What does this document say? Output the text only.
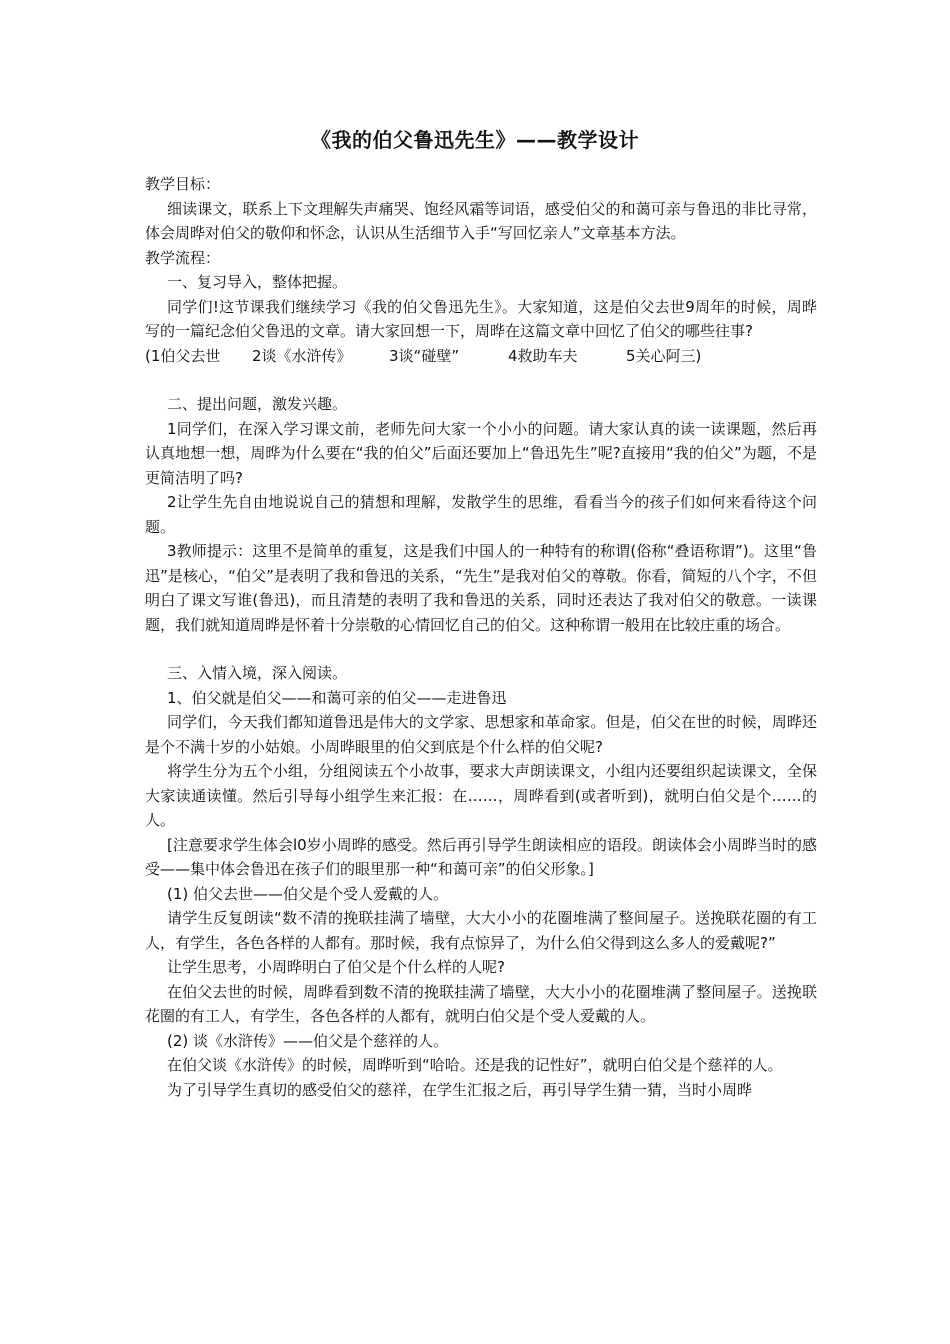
《我的伯父鲁迅先生》——教学设计

教学目标：

细读课文，联系上下文理解失声痛哭、饱经风霜等词语，感受伯父的和蔼可亲与鲁迅的非比寻常，体会周晔对伯父的敬仰和怀念，认识从生活细节入手“写回忆亲人”文章基本方法。

教学流程：

一、复习导入，整体把握。

同学们!这节课我们继续学习《我的伯父鲁迅先生》。大家知道，这是伯父去世9周年的时候，周晔写的一篇纪念伯父鲁迅的文章。请大家回想一下，周晔在这篇文章中回忆了伯父的哪些往事?

(1伯父去世	2谈《水浒传》	3谈“碰壁”	4救助车夫	5关心阿三)

二、提出问题，激发兴趣。

1同学们，在深入学习课文前，老师先问大家一个小小的问题。请大家认真的读一读课题，然后再认真地想一想，周晔为什么要在“我的伯父”后面还要加上“鲁迅先生”呢?直接用“我的伯父”为题，不是更简洁明了吗?

2让学生先自由地说说自己的猜想和理解，发散学生的思维，看看当今的孩子们如何来看待这个问题。

3教师提示：这里不是简单的重复，这是我们中国人的一种特有的称谓(俗称“叠语称谓”)。这里“鲁迅”是核心，“伯父”是表明了我和鲁迅的关系，“先生”是我对伯父的尊敬。你看，简短的八个字，不但明白了课文写谁(鲁迅)，而且清楚的表明了我和鲁迅的关系，同时还表达了我对伯父的敬意。一读课题，我们就知道周晔是怀着十分崇敬的心情回忆自己的伯父。这种称谓一般用在比较庄重的场合。

三、入情入境，深入阅读。

1、伯父就是伯父——和蔼可亲的伯父——走进鲁迅

同学们，今天我们都知道鲁迅是伟大的文学家、思想家和革命家。但是，伯父在世的时候，周晔还是个不满十岁的小姑娘。小周晔眼里的伯父到底是个什么样的伯父呢?

将学生分为五个小组，分组阅读五个小故事，要求大声朗读课文，小组内还要组织起读课文，全保大家读通读懂。然后引导每小组学生来汇报：在……，周晔看到(或者听到)，就明白伯父是个……的人。

[注意要求学生体会l0岁小周晔的感受。然后再引导学生朗读相应的语段。朗读体会小周晔当时的感受——集中体会鲁迅在孩子们的眼里那一种“和蔼可亲”的伯父形象。]

(1) 伯父去世——伯父是个受人爱戴的人。

请学生反复朗读“数不清的挽联挂满了墙壁，大大小小的花圈堆满了整间屋子。送挽联花圈的有工人，有学生，各色各样的人都有。那时候，我有点惊异了，为什么伯父得到这么多人的爱戴呢?”

让学生思考，小周晔明白了伯父是个什么样的人呢?

在伯父去世的时候，周晔看到数不清的挽联挂满了墙壁，大大小小的花圈堆满了整间屋子。送挽联花圈的有工人，有学生，各色各样的人都有，就明白伯父是个受人爱戴的人。

(2) 谈《水浒传》——伯父是个慈祥的人。

在伯父谈《水浒传》的时候，周晔听到“哈哈。还是我的记性好”，就明白伯父是个慈祥的人。

为了引导学生真切的感受伯父的慈祥，在学生汇报之后，再引导学生猜一猜，当时小周晔
